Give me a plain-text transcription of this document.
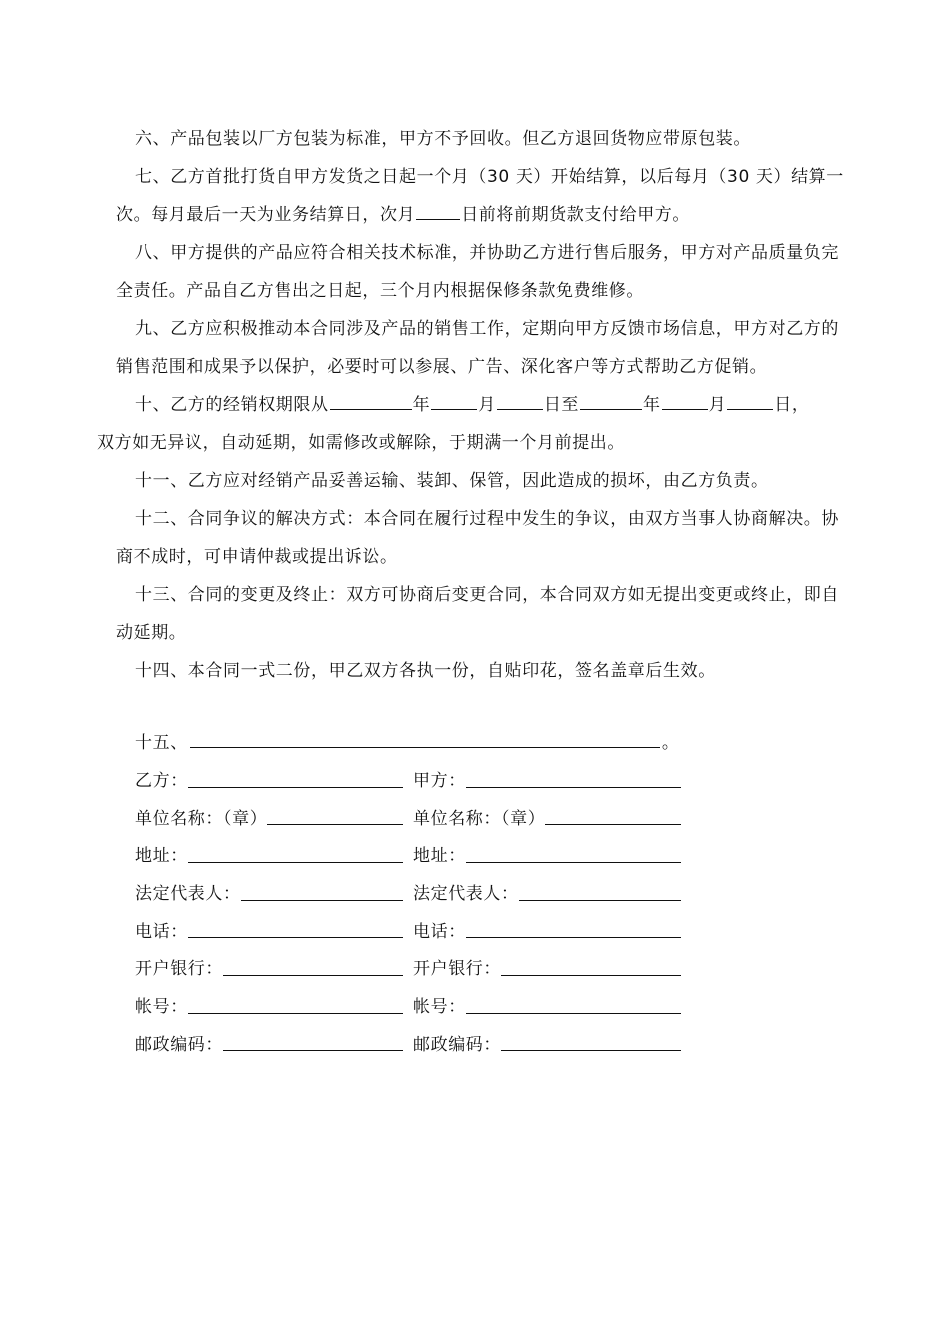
六、产品包装以厂方包装为标准，甲方不予回收。但乙方退回货物应带原包装。

七、乙方首批打货自甲方发货之日起一个月（30 天）开始结算，以后每月（30 天）结算一次。每月最后一天为业务结算日，次月	日前将前期货款支付给甲方。

八、甲方提供的产品应符合相关技术标准，并协助乙方进行售后服务，甲方对产品质量负完全责任。产品自乙方售出之日起，三个月内根据保修条款免费维修。

九、乙方应积极推动本合同涉及产品的销售工作，定期向甲方反馈市场信息，甲方对乙方的销售范围和成果予以保护，必要时可以参展、广告、深化客户等方式帮助乙方促销。

十、乙方的经销权期限从	年	月	日至	年	月	日，
双方如无异议，自动延期，如需修改或解除，于期满一个月前提出。

十一、乙方应对经销产品妥善运输、装卸、保管，因此造成的损坏，由乙方负责。

十二、合同争议的解决方式：本合同在履行过程中发生的争议，由双方当事人协商解决。协商不成时，可申请仲裁或提出诉讼。

十三、合同的变更及终止：双方可协商后变更合同，本合同双方如无提出变更或终止，即自动延期。

十四、本合同一式二份，甲乙双方各执一份，自贴印花，签名盖章后生效。

十五、	。
乙方：	甲方：
单位名称：（章）	单位名称：（章）
地址：	地址：
法定代表人：	法定代表人：
电话：	电话：
开户银行：	开户银行：
帐号：	帐号：
邮政编码：	邮政编码：
